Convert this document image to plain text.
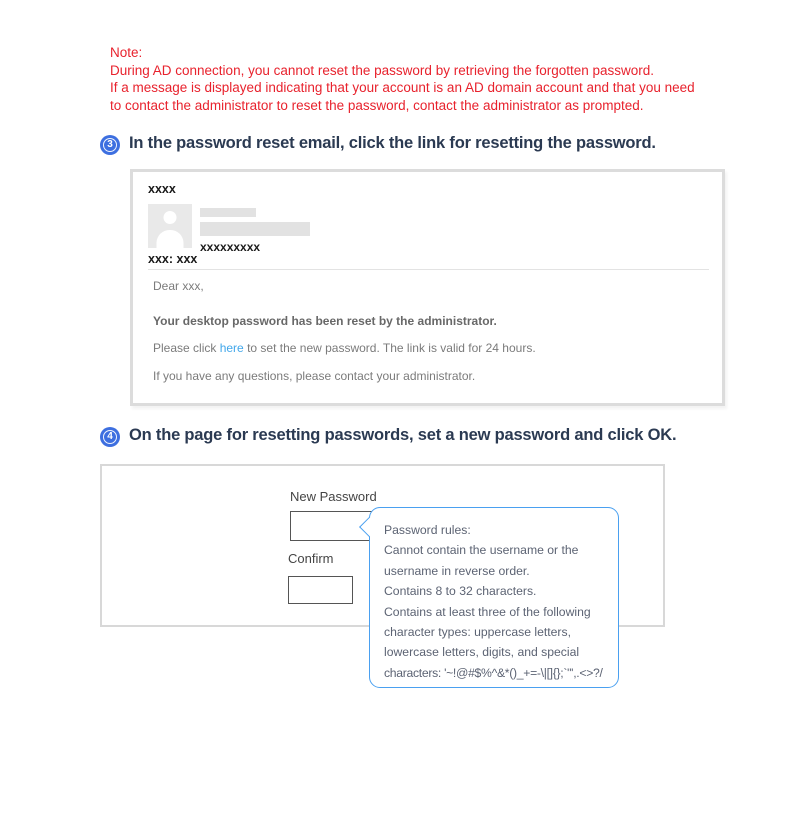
Note:
During AD connection, you cannot reset the password by retrieving the forgotten password.
If a message is displayed indicating that your account is an AD domain account and that you need
to contact the administrator to reset the password, contact the administrator as prompted.
3 In the password reset email, click the link for resetting the password.
xxxx
xxxxxxxxx
xxx: xxx

Dear xxx,

Your desktop password has been reset by the administrator.

Please click here to set the new password. The link is valid for 24 hours.

If you have any questions, please contact your administrator.

4 On the page for resetting passwords, set a new password and click OK.
New Password
Confirm
Password rules:
Cannot contain the username or the
username in reverse order.
Contains 8 to 32 characters.
Contains at least three of the following
character types: uppercase letters,
lowercase letters, digits, and special
characters: '~!@#$%^&*()_+=-\|[]{};`"',.<>?/
